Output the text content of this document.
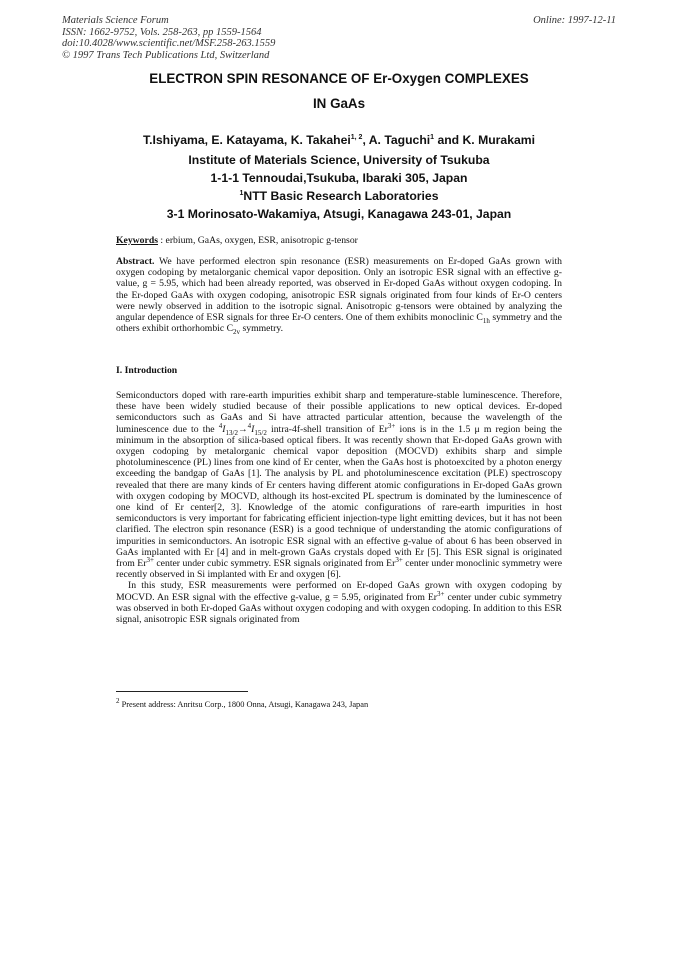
Materials Science Forum
ISSN: 1662-9752, Vols. 258-263, pp 1559-1564
doi:10.4028/www.scientific.net/MSF.258-263.1559
© 1997 Trans Tech Publications Ltd, Switzerland
Online: 1997-12-11
ELECTRON SPIN RESONANCE OF Er-Oxygen COMPLEXES
IN GaAs
T.Ishiyama, E. Katayama, K. Takahei$^{1, 2}$, A. Taguchi$^1$ and K. Murakami
Institute of Materials Science, University of Tsukuba
1-1-1 Tennoudai,Tsukuba, Ibaraki 305, Japan
$^1$NTT Basic Research Laboratories
3-1 Morinosato-Wakamiya, Atsugi, Kanagawa 243-01, Japan
Keywords : erbium, GaAs, oxygen, ESR, anisotropic g-tensor
Abstract. We have performed electron spin resonance (ESR) measurements on Er-doped GaAs grown with oxygen codoping by metalorganic chemical vapor deposition. Only an isotropic ESR signal with an effective g-value, g = 5.95, which had been already reported, was observed in Er-doped GaAs without oxygen codoping. In the Er-doped GaAs with oxygen codoping, anisotropic ESR signals originated from four kinds of Er-O centers were newly observed in addition to the isotropic signal. Anisotropic g-tensors were obtained by analyzing the angular dependence of ESR signals for three Er-O centers. One of them exhibits monoclinic $C_{1h}$ symmetry and the others exhibit orthorhombic $C_{2v}$ symmetry.
I. Introduction

Semiconductors doped with rare-earth impurities exhibit sharp and temperature-stable luminescence. Therefore, these have been widely studied because of their possible applications to new optical devices. Er-doped semiconductors such as GaAs and Si have attracted particular attention, because the wavelength of the luminescence due to the $^4I_{13/2}\to^4I_{15/2}$ intra-4f-shell transition of $Er^{3+}$ ions is in the 1.5 μ m region being the minimum in the absorption of silica-based optical fibers. It was recently shown that Er-doped GaAs grown with oxygen codoping by metalorganic chemical vapor deposition (MOCVD) exhibits sharp and simple photoluminescence (PL) lines from one kind of Er center, when the GaAs host is photoexcited by a photon energy exceeding the bandgap of GaAs [1]. The analysis by PL and photoluminescence excitation (PLE) spectroscopy revealed that there are many kinds of Er centers having different atomic configurations in Er-doped GaAs grown with oxygen codoping by MOCVD, although its host-excited PL spectrum is dominated by the luminescence of one kind of Er center[2, 3]. Knowledge of the atomic configurations of rare-earth impurities in host semiconductors is very important for fabricating efficient injection-type light emitting devices, but it has not been clarified. The electron spin resonance (ESR) is a good technique of understanding the atomic configurations of impurities in semiconductors. An isotropic ESR signal with an effective g-value of about 6 has been observed in GaAs implanted with Er [4] and in melt-grown GaAs crystals doped with Er [5]. This ESR signal is originated from $Er^{3+}$ center under cubic symmetry. ESR signals originated from $Er^{3+}$ center under monoclinic symmetry were recently observed in Si implanted with Er and oxygen [6].

In this study, ESR measurements were performed on Er-doped GaAs grown with oxygen codoping by MOCVD. An ESR signal with the effective g-value, g = 5.95, originated from $Er^{3+}$ center under cubic symmetry was observed in both Er-doped GaAs without oxygen codoping and with oxygen codoping. In addition to this ESR signal, anisotropic ESR signals originated from

$^2$ Present address: Anritsu Corp., 1800 Onna, Atsugi, Kanagawa 243, Japan
